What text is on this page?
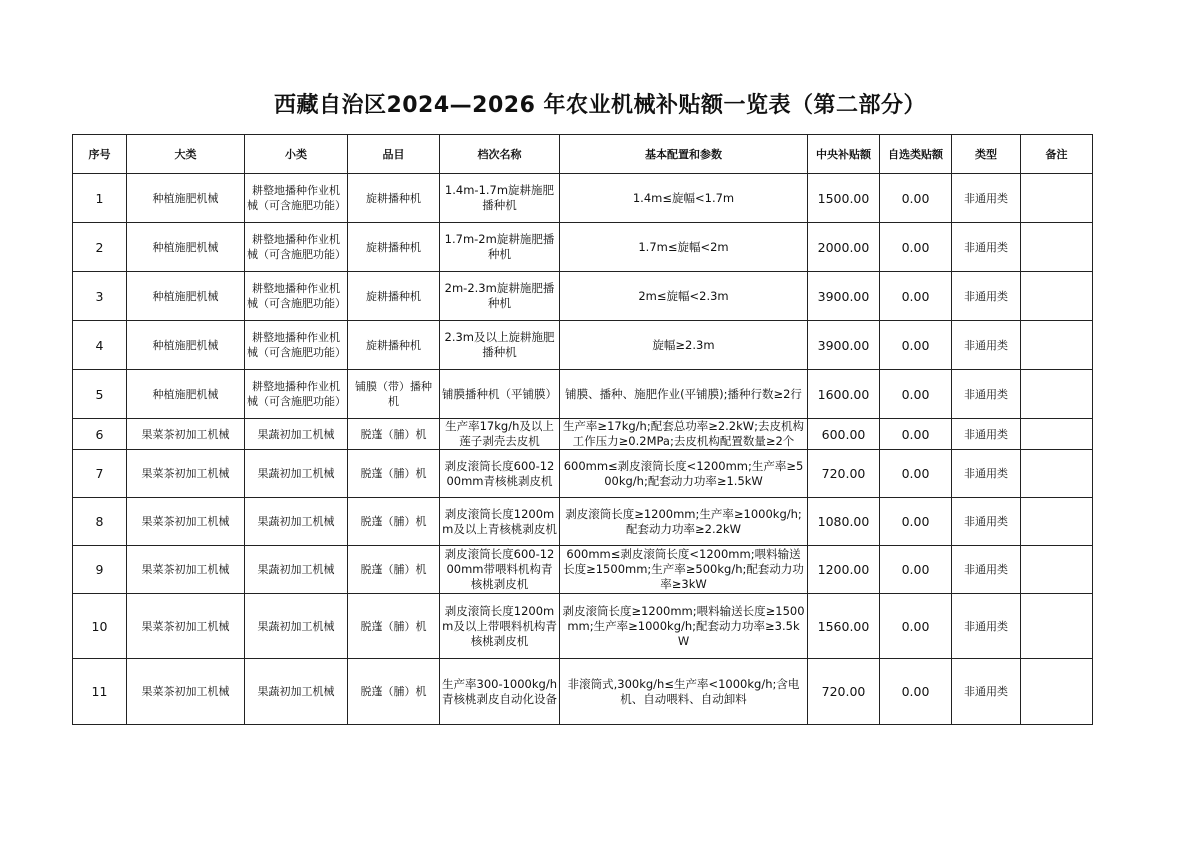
西藏自治区2024—2026 年农业机械补贴额一览表（第二部分）
序号	大类	小类	品目	档次名称	基本配置和参数	中央补贴额	自选类贴额	类型	备注
1	种植施肥机械	耕整地播种作业机械（可含施肥功能）	旋耕播种机	1.4m-1.7m旋耕施肥播种机	1.4m≤旋幅<1.7m	1500.00	0.00	非通用类	
2	种植施肥机械	耕整地播种作业机械（可含施肥功能）	旋耕播种机	1.7m-2m旋耕施肥播种机	1.7m≤旋幅<2m	2000.00	0.00	非通用类	
3	种植施肥机械	耕整地播种作业机械（可含施肥功能）	旋耕播种机	2m-2.3m旋耕施肥播种机	2m≤旋幅<2.3m	3900.00	0.00	非通用类	
4	种植施肥机械	耕整地播种作业机械（可含施肥功能）	旋耕播种机	2.3m及以上旋耕施肥播种机	旋幅≥2.3m	3900.00	0.00	非通用类	
5	种植施肥机械	耕整地播种作业机械（可含施肥功能）	铺膜（带）播种机	铺膜播种机（平铺膜）	铺膜、播种、施肥作业(平铺膜);播种行数≥2行	1600.00	0.00	非通用类	
6	果菜茶初加工机械	果蔬初加工机械	脱蓬（脯）机	生产率17kg/h及以上莲子剥壳去皮机	生产率≥17kg/h;配套总功率≥2.2kW;去皮机构工作压力≥0.2MPa;去皮机构配置数量≥2个	600.00	0.00	非通用类	
7	果菜茶初加工机械	果蔬初加工机械	脱蓬（脯）机	剥皮滚筒长度600-1200mm青核桃剥皮机	600mm≤剥皮滚筒长度<1200mm;生产率≥500kg/h;配套动力功率≥1.5kW	720.00	0.00	非通用类	
8	果菜茶初加工机械	果蔬初加工机械	脱蓬（脯）机	剥皮滚筒长度1200mm及以上青核桃剥皮机	剥皮滚筒长度≥1200mm;生产率≥1000kg/h;配套动力功率≥2.2kW	1080.00	0.00	非通用类	
9	果菜茶初加工机械	果蔬初加工机械	脱蓬（脯）机	剥皮滚筒长度600-1200mm带喂料机构青核桃剥皮机	600mm≤剥皮滚筒长度<1200mm;喂料输送长度≥1500mm;生产率≥500kg/h;配套动力功率≥3kW	1200.00	0.00	非通用类	
10	果菜茶初加工机械	果蔬初加工机械	脱蓬（脯）机	剥皮滚筒长度1200mm及以上带喂料机构青核桃剥皮机	剥皮滚筒长度≥1200mm;喂料输送长度≥1500mm;生产率≥1000kg/h;配套动力功率≥3.5kW	1560.00	0.00	非通用类	
11	果菜茶初加工机械	果蔬初加工机械	脱蓬（脯）机	生产率300-1000kg/h青核桃剥皮自动化设备	非滚筒式,300kg/h≤生产率<1000kg/h;含电机、自动喂料、自动卸料	720.00	0.00	非通用类	
